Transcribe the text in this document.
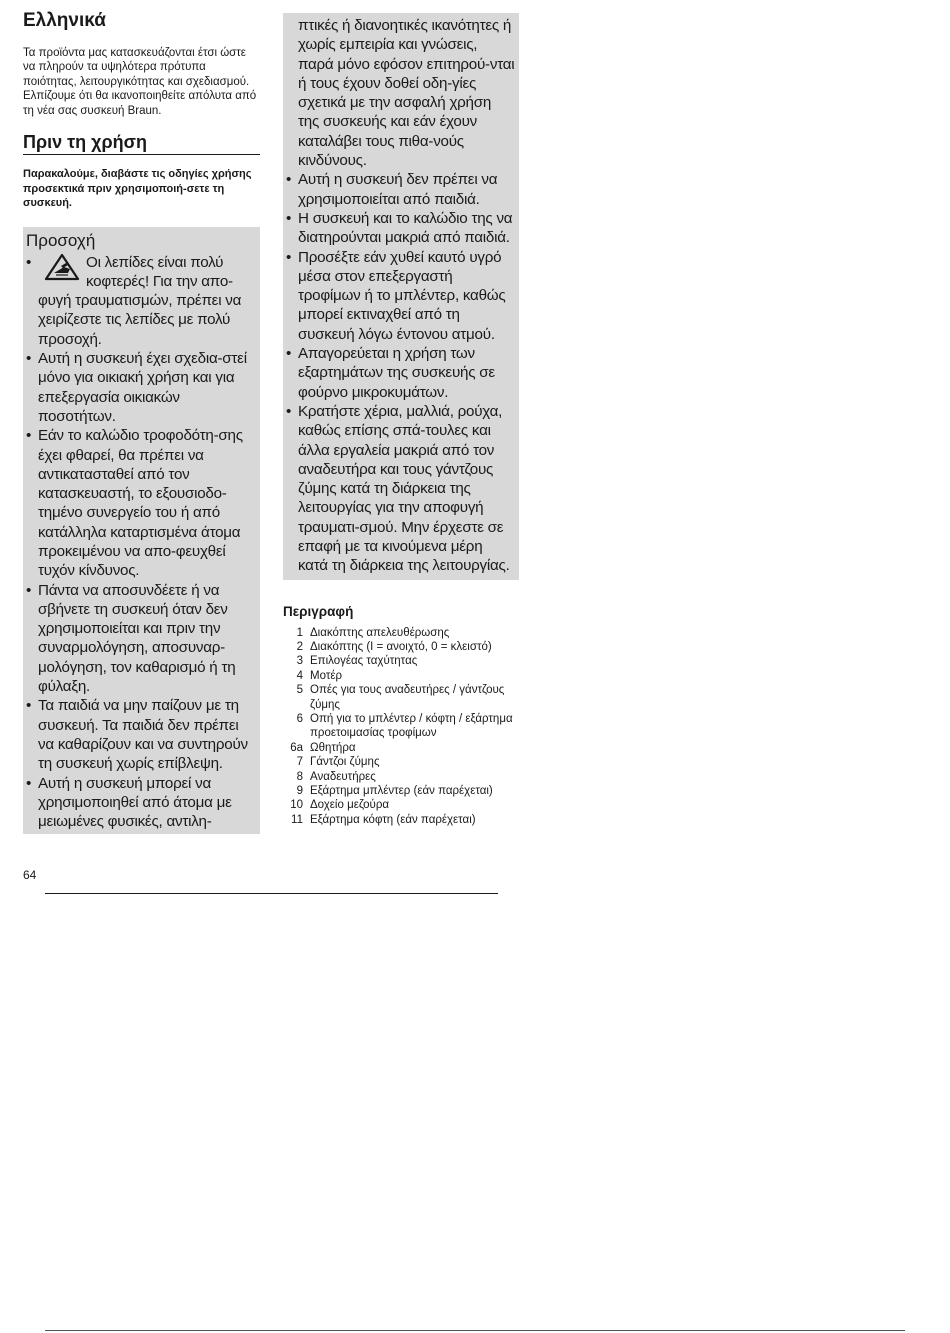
Ελληνικά

Τα προϊόντα μας κατασκευάζονται έτσι ώστε να πληρούν τα υψηλότερα πρότυπα ποιότητας, λειτουργικότητας και σχεδιασμού. Ελπίζουμε ότι θα ικανοποιηθείτε απόλυτα από τη νέα σας συσκευή Braun.

Πριν τη χρήση

Παρακαλούμε, διαβάστε τις οδηγίες χρήσης προσεκτικά πριν χρησιμοποιή-σετε τη συσκευή.

Προσοχή
•	Οι λεπίδες είναι πολύ κοφτερές! Για την απο-φυγή τραυματισμών, πρέπει να χειρίζεστε τις λεπίδες με πολύ προσοχή.
• Αυτή η συσκευή έχει σχεδια-στεί μόνο για οικιακή χρήση και για επεξεργασία οικιακών ποσοτήτων.
• Εάν το καλώδιο τροφοδότη-σης έχει φθαρεί, θα πρέπει να αντικατασταθεί από τον κατασκευαστή, το εξουσιοδο-τημένο συνεργείο του ή από κατάλληλα καταρτισμένα άτομα προκειμένου να απο-φευχθεί τυχόν κίνδυνος.
• Πάντα να αποσυνδέετε ή να σβήνετε τη συσκευή όταν δεν χρησιμοποιείται και πριν την συναρμολόγηση, αποσυναρ-μολόγηση, τον καθαρισμό ή τη φύλαξη.
• Τα παιδιά να μην παίζουν με τη συσκευή. Τα παιδιά δεν πρέπει να καθαρίζουν και να συντηρούν τη συσκευή χωρίς επίβλεψη.
• Αυτή η συσκευή μπορεί να χρησιμοποιηθεί από άτομα με μειωμένες φυσικές, αντιλη-
πτικές ή διανοητικές ικανότητες ή χωρίς εμπειρία και γνώσεις, παρά μόνο εφόσον επιτηρού-νται ή τους έχουν δοθεί οδη-γίες σχετικά με την ασφαλή χρήση της συσκευής και εάν έχουν καταλάβει τους πιθα-νούς κινδύνους.
• Αυτή η συσκευή δεν πρέπει να χρησιμοποιείται από παιδιά.
• Η συσκευή και το καλώδιο της να διατηρούνται μακριά από παιδιά.
• Προσέξτε εάν χυθεί καυτό υγρό μέσα στον επεξεργαστή τροφίμων ή το μπλέντερ, καθώς μπορεί εκτιναχθεί από τη συσκευή λόγω έντονου ατμού.
• Απαγορεύεται η χρήση των εξαρτημάτων της συσκευής σε φούρνο μικροκυμάτων.
• Κρατήστε χέρια, μαλλιά, ρούχα, καθώς επίσης σπά-τουλες και άλλα εργαλεία μακριά από τον αναδευτήρα και τους γάντζους ζύμης κατά τη διάρκεια της λειτουργίας για την αποφυγή τραυματι-σμού. Μην έρχεστε σε επαφή με τα κινούμενα μέρη κατά τη διάρκεια της λειτουργίας.
Περιγραφή
1 Διακόπτης απελευθέρωσης
2 Διακόπτης (I = ανοιχτό, 0 = κλειστό)
3 Επιλογέας ταχύτητας
4 Μοτέρ
5 Οπές για τους αναδευτήρες / γάντζους ζύμης
6 Οπή για το μπλέντερ / κόφτη / εξάρτημα προετοιμασίας τροφίμων
6a Ωθητήρα
7 Γάντζοι ζύμης
8 Αναδευτήρες
9 Εξάρτημα μπλέντερ (εάν παρέχεται)
10 Δοχείο μεζούρα
11 Εξάρτημα κόφτη (εάν παρέχεται)
64
